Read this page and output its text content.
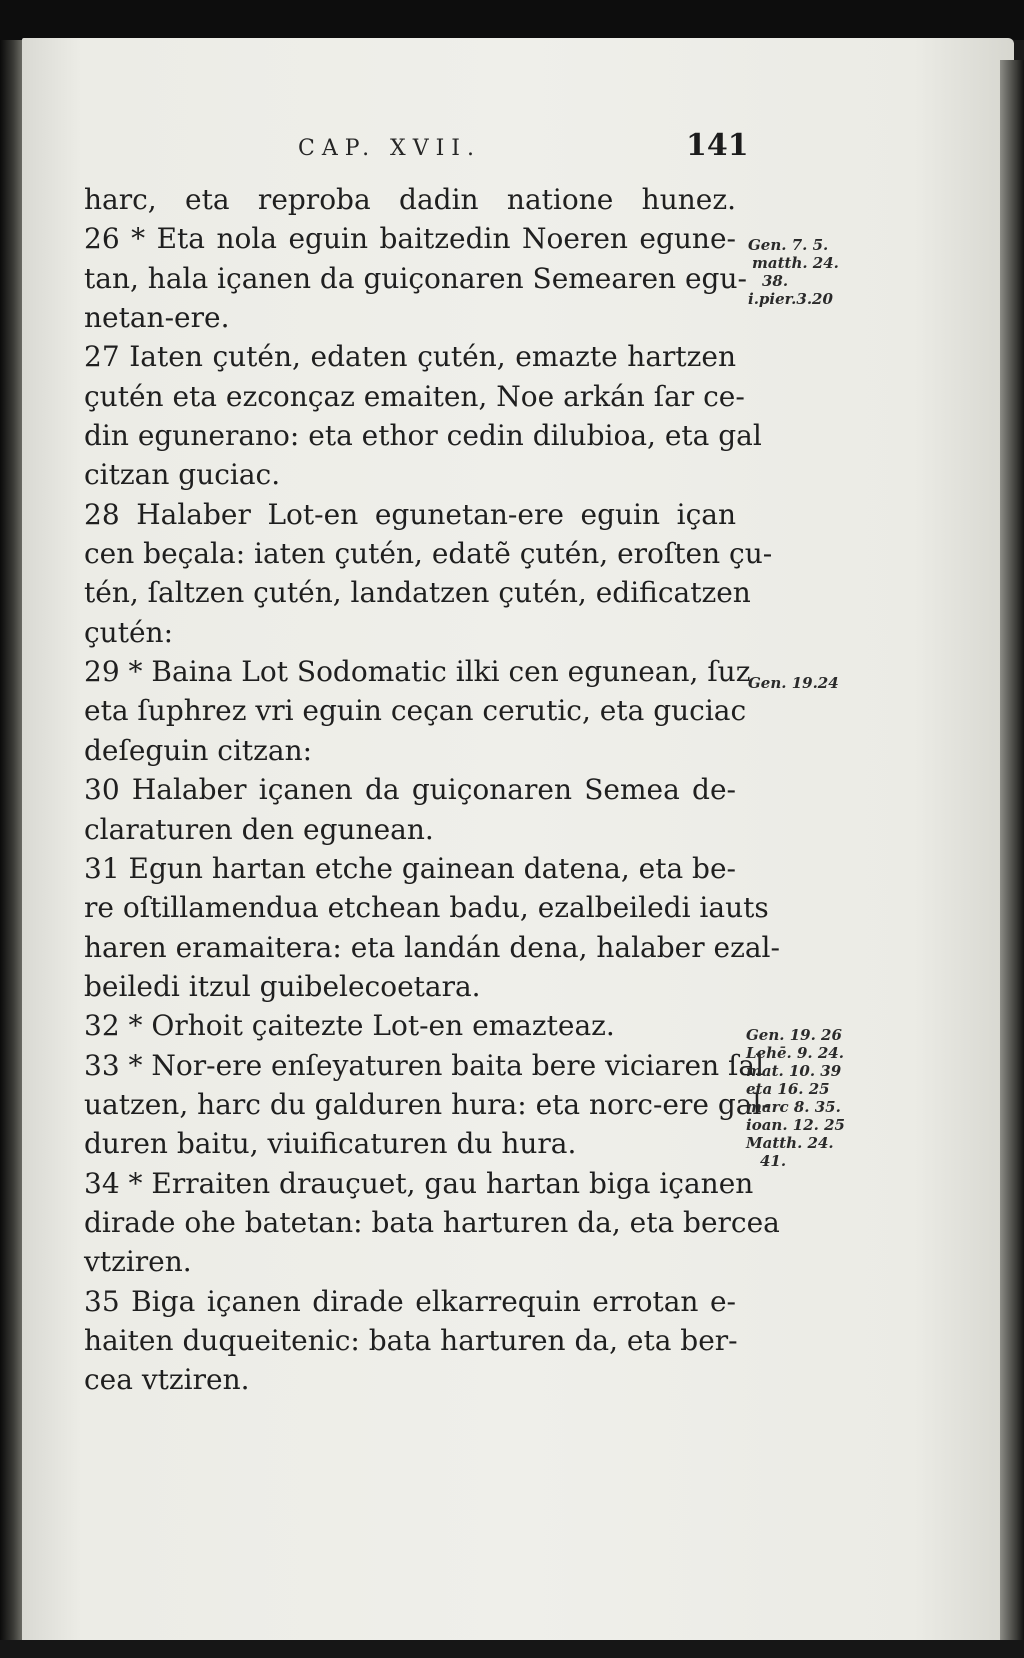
CAP. XVII.	141
harc, eta reproba dadin natione hunez.
26 * Eta nola eguin baitzedin Noeren egune-
tan, hala içanen da guiçonaren Semearen egu-
netan-ere.
27 Iaten çutén, edaten çutén, emazte hartzen
çutén eta ezconçaz emaiten, Noe arkán ſar ce-
din egunerano: eta ethor cedin dilubioa, eta gal
citzan guciac.
28 Halaber Lot-en egunetan-ere eguin içan
cen beçala: iaten çutén, edatẽ çutén, eroſten çu-
tén, ſaltzen çutén, landatzen çutén, edificatzen
çutén:
29 * Baina Lot Sodomatic ilki cen egunean, ſuz
eta ſuphrez vri eguin ceçan cerutic, eta guciac
deſeguin citzan:
30 Halaber içanen da guiçonaren Semea de-
claraturen den egunean.
31 Egun hartan etche gainean datena, eta be-
re oſtillamendua etchean badu, ezalbeiledi iauts
haren eramaitera: eta landán dena, halaber ezal-
beiledi itzul guibelecoetara.
32 * Orhoit çaitezte Lot-en emazteaz.
33 * Nor-ere enſeyaturen baita bere viciaren ſal
uatzen, harc du galduren hura: eta norc-ere gal-
duren baitu, viuificaturen du hura.
34 * Erraiten drauçuet, gau hartan biga içanen
dirade ohe batetan: bata harturen da, eta bercea
vtziren.
35 Biga içanen dirade elkarrequin errotan e-
haiten duqueitenic: bata harturen da, eta ber-
cea vtziren.
Gen. 7. 5.
matth. 24.
38.
i.pier.3.20
Gen. 19.24
Gen. 19. 26
Lehē. 9. 24.
mat. 10. 39
eta 16. 25
marc 8. 35.
ioan. 12. 25
Matth. 24.
41.
